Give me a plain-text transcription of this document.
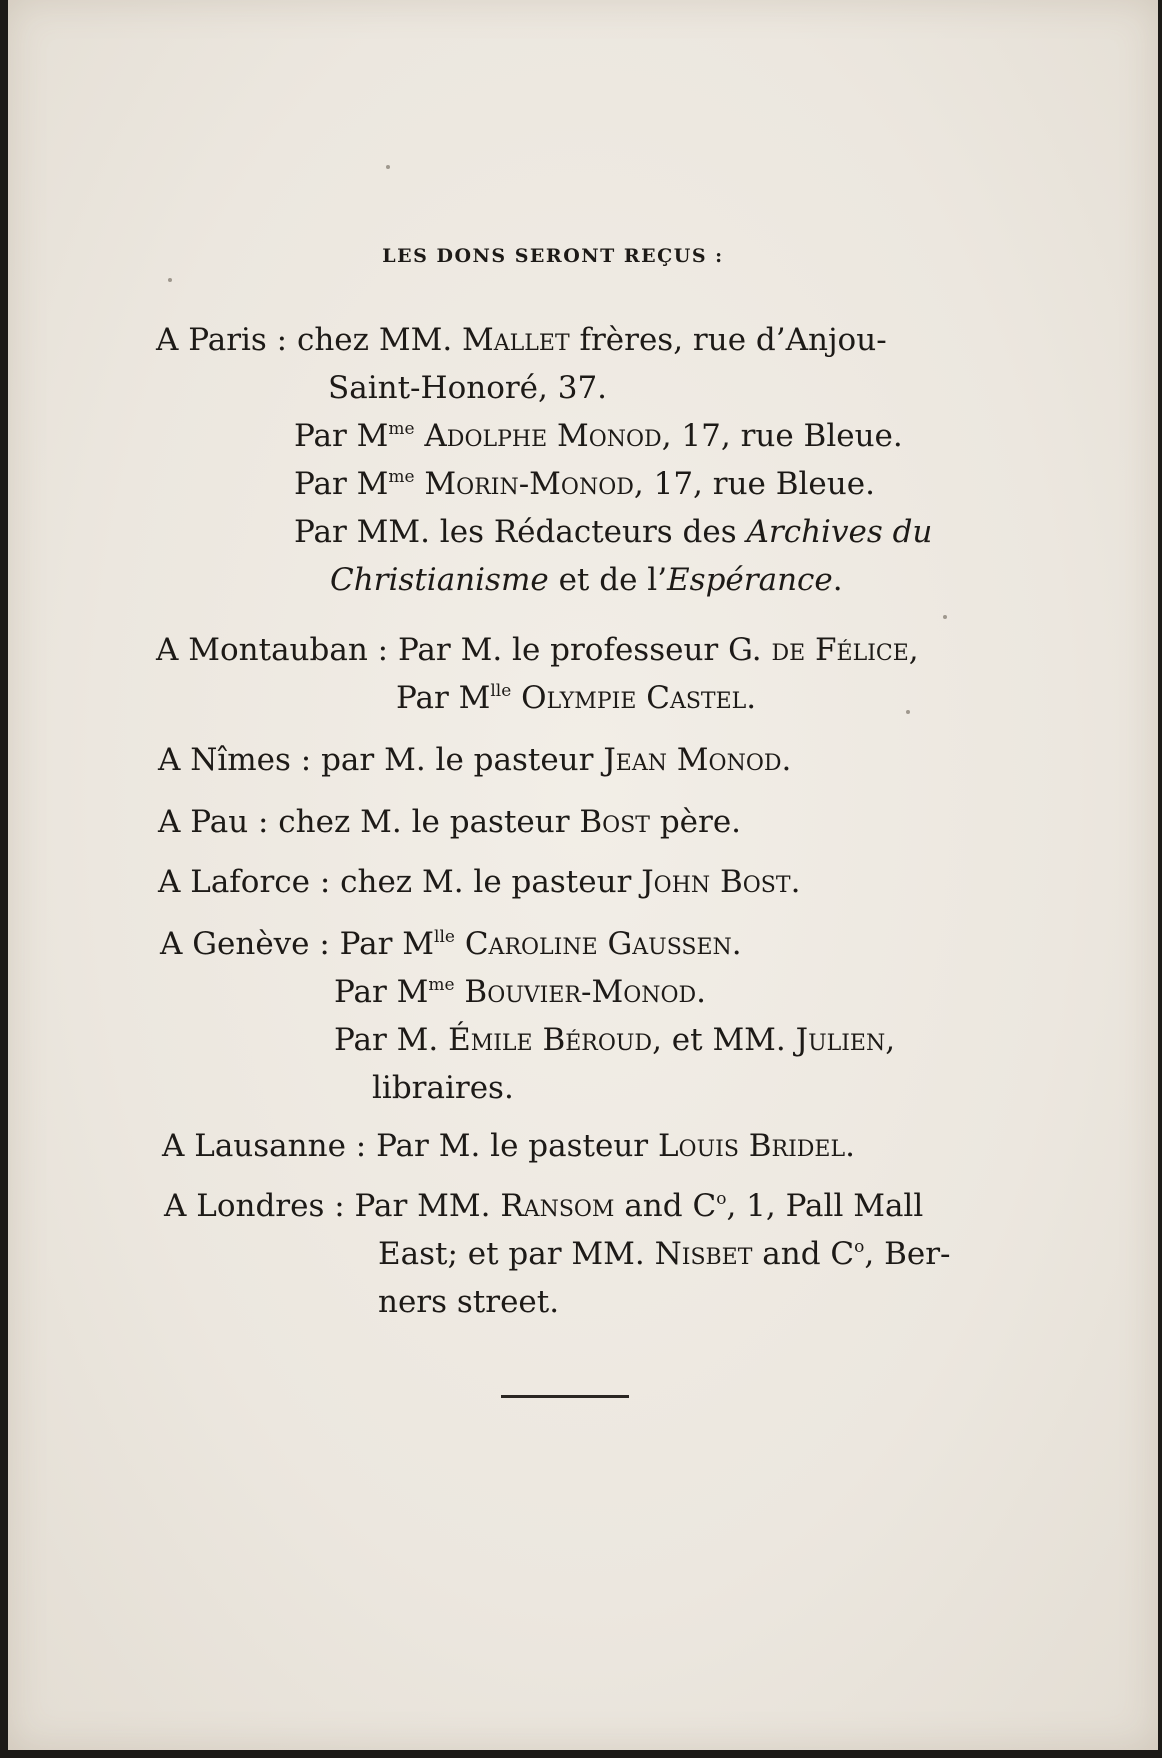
LES DONS SERONT REÇUS :
A Paris : chez MM. Mallet frères, rue d’Anjou-
Saint-Honoré, 37.
Par $M^{me}$ Adolphe Monod, 17, rue Bleue.
Par $M^{me}$ Morin-Monod, 17, rue Bleue.
Par MM. les Rédacteurs des Archives du
Christianisme et de l’Espérance.
A Montauban : Par M. le professeur G. de Félice,
Par $M^{lle}$ Olympie Castel.
A Nîmes : par M. le pasteur Jean Monod.
A Pau : chez M. le pasteur Bost père.
A Laforce : chez M. le pasteur John Bost.
A Genève : Par $M^{lle}$ Caroline Gaussen.
Par $M^{me}$ Bouvier-Monod.
Par M. Émile Béroud, et MM. Julien,
libraires.
A Lausanne : Par M. le pasteur Louis Bridel.
A Londres : Par MM. Ransom and $C^o$, 1, Pall Mall
East; et par MM. Nisbet and $C^o$, Ber-
ners street.
